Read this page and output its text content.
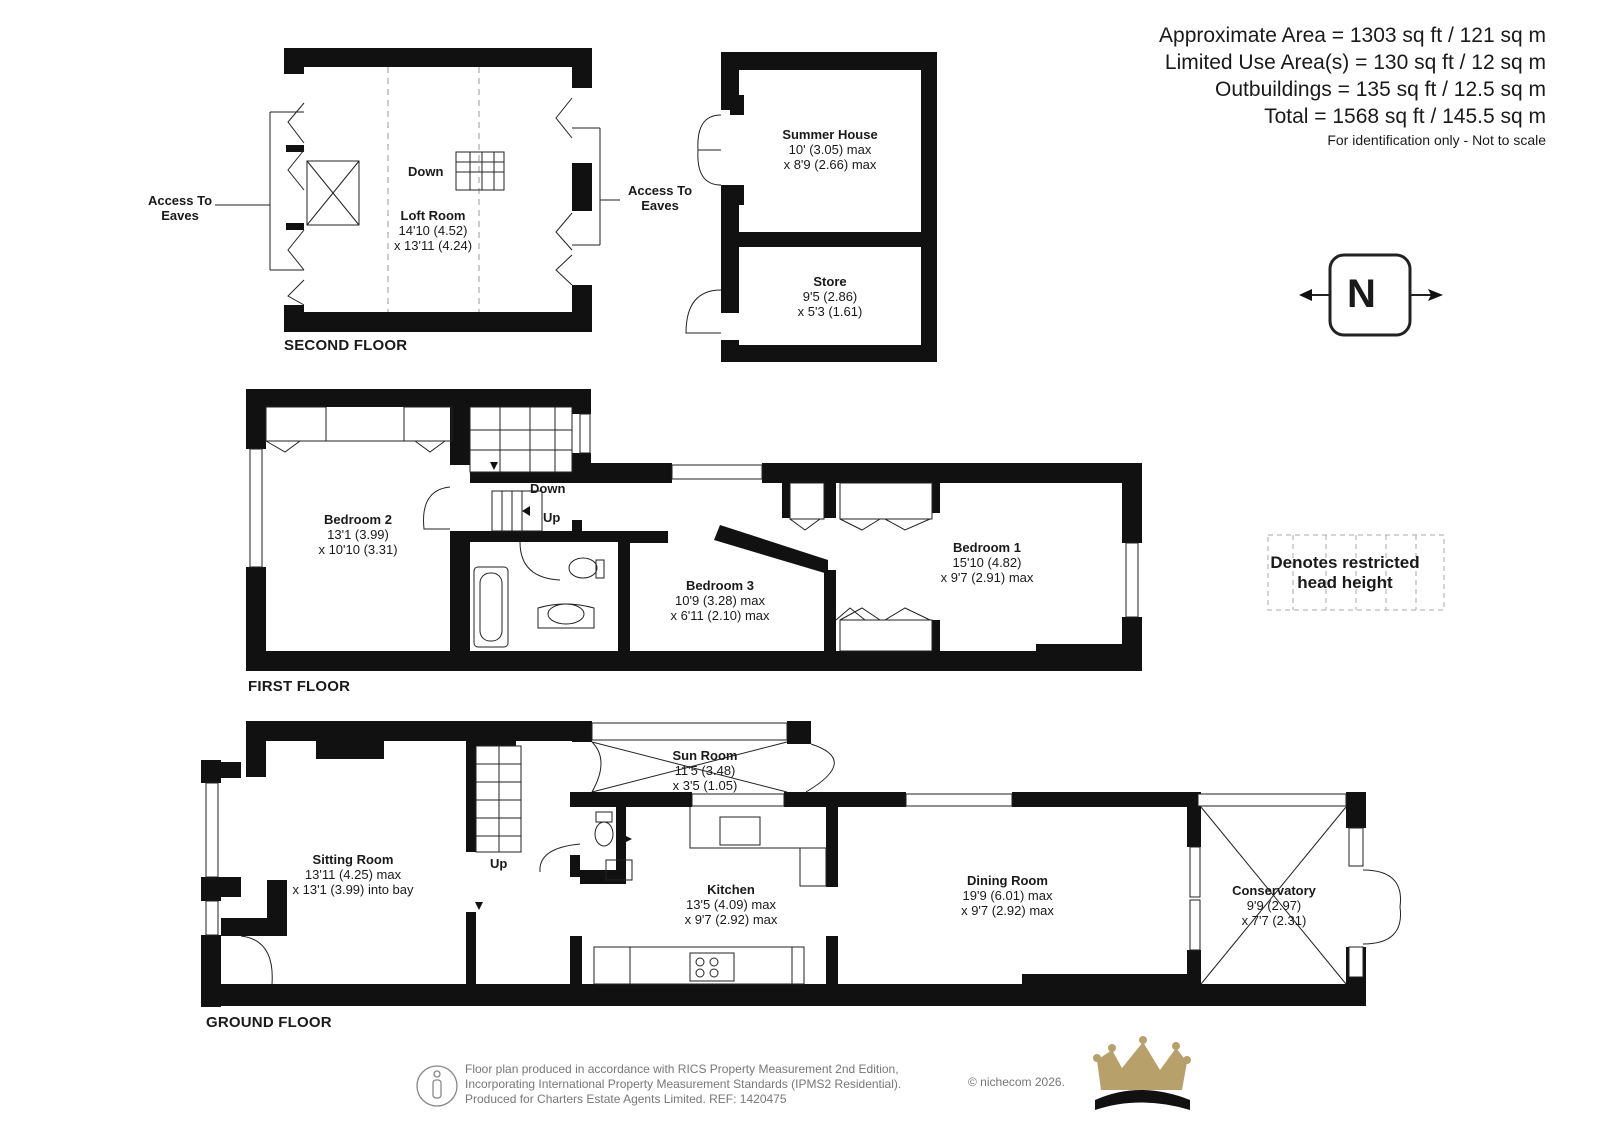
Approximate Area = 1303 sq ft / 121 sq m
Limited Use Area(s) = 130 sq ft / 12 sq m
Outbuildings = 135 sq ft / 12.5 sq m
Total = 1568 sq ft / 145.5 sq m
For identification only - Not to scale
N
Denotes restricted
head height
SECOND FLOOR
FIRST FLOOR
GROUND FLOOR
Loft Room
14'10 (4.52)
x 13'11 (4.24)
Summer House
10' (3.05) max
x 8'9 (2.66) max
Store
9'5 (2.86)
x 5'3 (1.61)
Bedroom 2
13'1 (3.99)
x 10'10 (3.31)
Bedroom 3
10'9 (3.28) max
x 6'11 (2.10) max
Bedroom 1
15'10 (4.82)
x 9'7 (2.91) max
Sun Room
11'5 (3.48)
x 3'5 (1.05)
Sitting Room
13'11 (4.25) max
x 13'1 (3.99) into bay	Kitchen
13'5 (4.09) max
x 9'7 (2.92) max
Dining Room
19'9 (6.01) max
x 9'7 (2.92) max
Conservatory
9'9 (2.97)
x 7'7 (2.31)
Access To
Eaves
Access To
Eaves
Down
Down
Up
Up
Floor plan produced in accordance with RICS Property Measurement 2nd Edition,
Incorporating International Property Measurement Standards (IPMS2 Residential).
Produced for Charters Estate Agents Limited. REF: 1420475
© nichecom 2026.
